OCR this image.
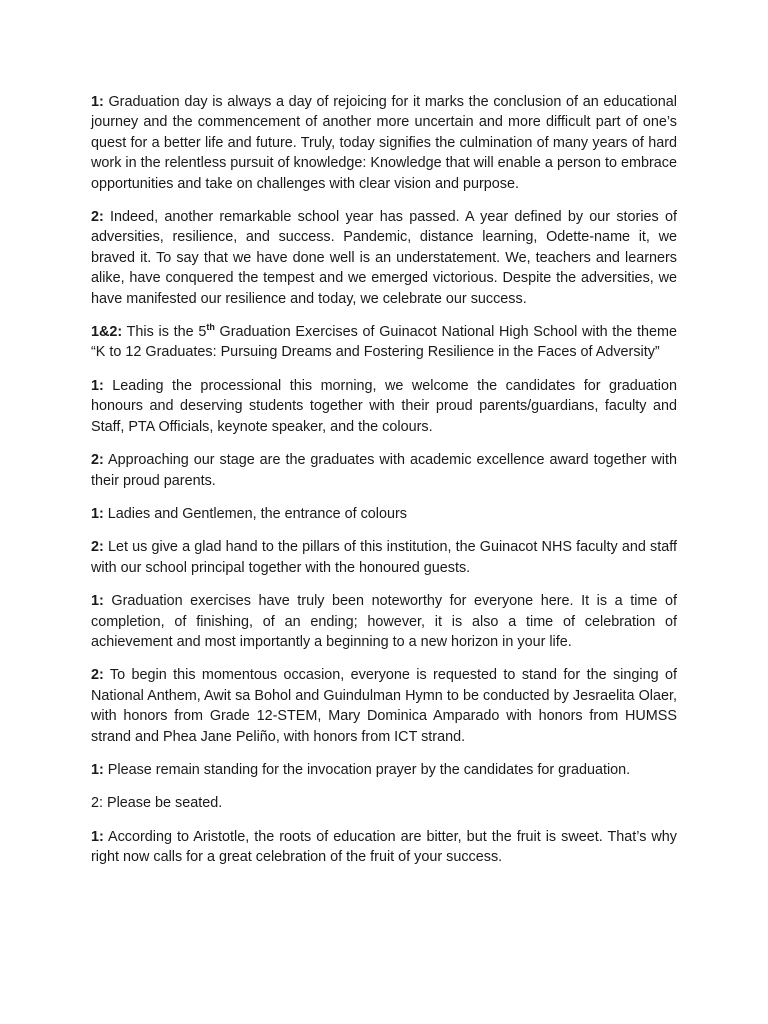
1: Graduation day is always a day of rejoicing for it marks the conclusion of an educational journey and the commencement of another more uncertain and more difficult part of one’s quest for a better life and future. Truly, today signifies the culmination of many years of hard work in the relentless pursuit of knowledge: Knowledge that will enable a person to embrace opportunities and take on challenges with clear vision and purpose.

2: Indeed, another remarkable school year has passed. A year defined by our stories of adversities, resilience, and success. Pandemic, distance learning, Odette-name it, we braved it. To say that we have done well is an understatement. We, teachers and learners alike, have conquered the tempest and we emerged victorious. Despite the adversities, we have manifested our resilience and today, we celebrate our success.

1&2: This is the 5th Graduation Exercises of Guinacot National High School with the theme “K to 12 Graduates: Pursuing Dreams and Fostering Resilience in the Faces of Adversity”

1: Leading the processional this morning, we welcome the candidates for graduation honours and deserving students together with their proud parents/guardians, faculty and Staff, PTA Officials, keynote speaker, and the colours.

2: Approaching our stage are the graduates with academic excellence award together with their proud parents.

1: Ladies and Gentlemen, the entrance of colours

2: Let us give a glad hand to the pillars of this institution, the Guinacot NHS faculty and staff with our school principal together with the honoured guests.

1: Graduation exercises have truly been noteworthy for everyone here. It is a time of completion, of finishing, of an ending; however, it is also a time of celebration of achievement and most importantly a beginning to a new horizon in your life.

2: To begin this momentous occasion, everyone is requested to stand for the singing of National Anthem, Awit sa Bohol and Guindulman Hymn to be conducted by Jesraelita Olaer, with honors from Grade 12-STEM, Mary Dominica Amparado with honors from HUMSS strand and Phea Jane Peliño, with honors from ICT strand.

1: Please remain standing for the invocation prayer by the candidates for graduation.

2: Please be seated.

1: According to Aristotle, the roots of education are bitter, but the fruit is sweet. That’s why right now calls for a great celebration of the fruit of your success.
